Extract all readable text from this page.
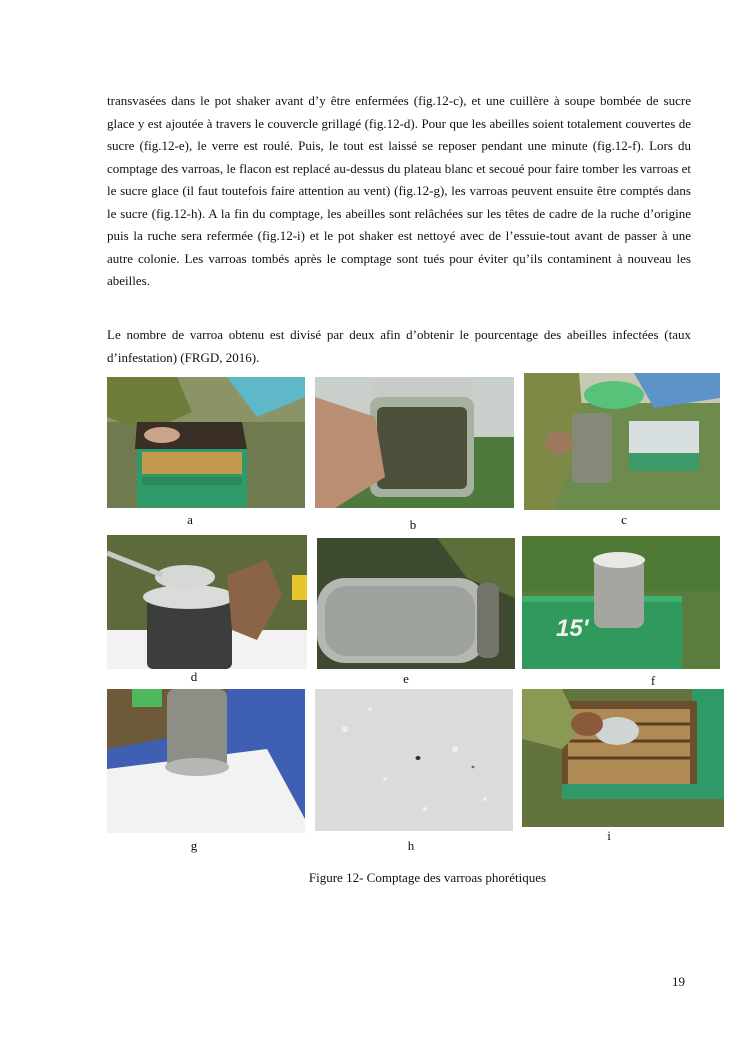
transvasées dans le pot shaker avant d’y être enfermées (fig.12-c), et une cuillère à soupe bombée de sucre glace y est ajoutée à travers le couvercle grillagé (fig.12-d). Pour que les abeilles soient totalement couvertes de sucre (fig.12-e), le verre est roulé. Puis, le tout est laissé se reposer pendant une minute (fig.12-f). Lors du comptage des varroas, le flacon est replacé au-dessus du plateau blanc et secoué pour faire tomber les varroas et le sucre glace (il faut toutefois faire attention au vent) (fig.12-g), les varroas peuvent ensuite être comptés dans le sucre (fig.12-h). A la fin du comptage, les abeilles sont relâchées sur les têtes de cadre de la ruche d’origine puis la ruche sera refermée (fig.12-i) et le pot shaker est nettoyé avec de l’essuie-tout avant de passer à une autre colonie. Les varroas tombés après le comptage sont tués pour éviter qu’ils contaminent à nouveau les abeilles.

Le nombre de varroa obtenu est divisé par deux afin d’obtenir le pourcentage des abeilles infectées (taux d’infestation) (FRGD, 2016).

a	b	c
d	e
15'
f
g	h
i
Figure 12- Comptage des varroas phorétiques
19
